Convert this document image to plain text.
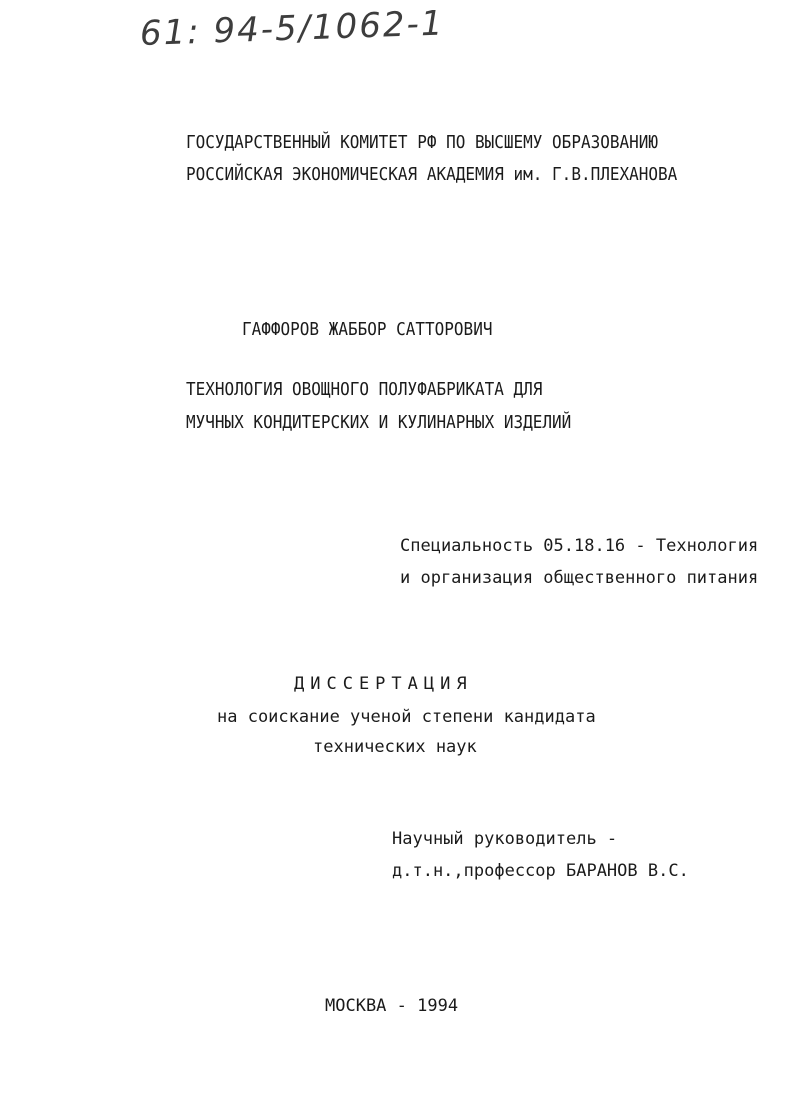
61: 94-5/1062-1
ГОСУДАРСТВЕННЫЙ КОМИТЕТ РФ ПО ВЫСШЕМУ ОБРАЗОВАНИЮ
РОССИЙСКАЯ ЭКОНОМИЧЕСКАЯ АКАДЕМИЯ им. Г.В.ПЛЕХАНОВА
ГАФФОРОВ ЖАББОР САТТОРОВИЧ
ТЕХНОЛОГИЯ ОВОЩНОГО ПОЛУФАБРИКАТА ДЛЯ
МУЧНЫХ КОНДИТЕРСКИХ И КУЛИНАРНЫХ ИЗДЕЛИЙ
Специальность 05.18.16 - Технология
и организация общественного питания
ДИССЕРТАЦИЯ
на соискание ученой степени кандидата
технических наук
Научный руководитель -
д.т.н.,профессор БАРАНОВ В.С.
МОСКВА - 1994
